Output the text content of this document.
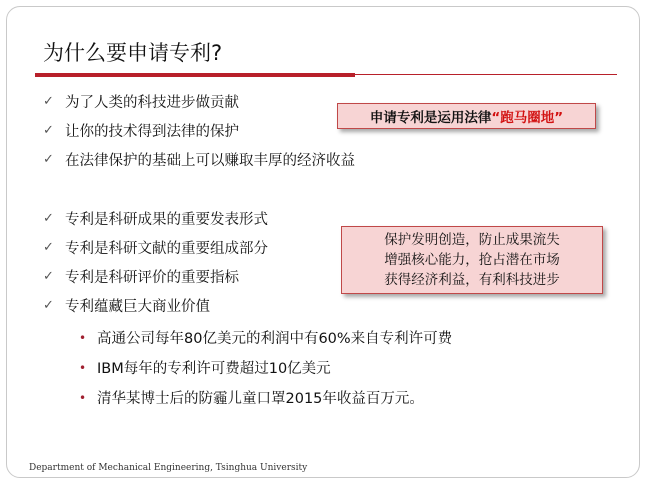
为什么要申请专利?
✓ 为了人类的科技进步做贡献
✓ 让你的技术得到法律的保护
✓ 在法律保护的基础上可以赚取丰厚的经济收益
✓ 专利是科研成果的重要发表形式
✓ 专利是科研文献的重要组成部分
✓ 专利是科研评价的重要指标
✓ 专利蕴藏巨大商业价值
• 高通公司每年80亿美元的利润中有60%来自专利许可费
• IBM每年的专利许可费超过10亿美元
• 清华某博士后的防霾儿童口罩2015年收益百万元。
申请专利是运用法律 “跑马圈地”
保护发明创造，防止成果流失
增强核心能力，抢占潜在市场
获得经济利益，有利科技进步
Department of Mechanical Engineering, Tsinghua University
